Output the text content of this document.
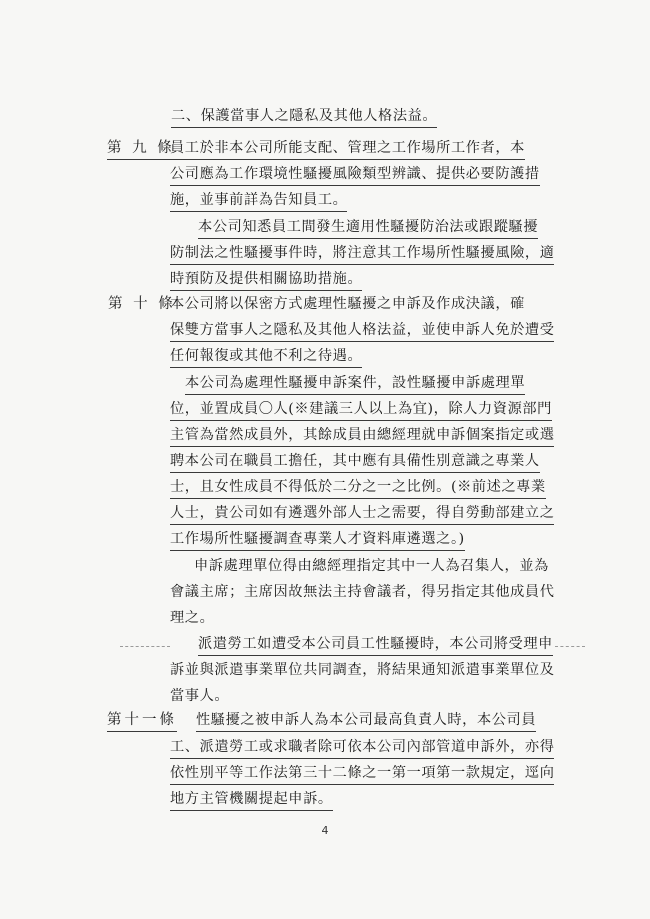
二、保護當事人之隱私及其他人格法益。
第 九 條
員工於非本公司所能支配、管理之工作場所工作者，本
公司應為工作環境性騷擾風險類型辨識、提供必要防護措
施，並事前詳為告知員工。
本公司知悉員工間發生適用性騷擾防治法或跟蹤騷擾
防制法之性騷擾事件時，將注意其工作場所性騷擾風險，適
時預防及提供相關協助措施。
第 十 條
本公司將以保密方式處理性騷擾之申訴及作成決議，確
保雙方當事人之隱私及其他人格法益，並使申訴人免於遭受
任何報復或其他不利之待遇。
本公司為處理性騷擾申訴案件，設性騷擾申訴處理單
位，並置成員〇人(※建議三人以上為宜)，除人力資源部門
主管為當然成員外，其餘成員由總經理就申訴個案指定或選
聘本公司在職員工擔任，其中應有具備性別意識之專業人
士，且女性成員不得低於二分之一之比例。(※前述之專業
人士，貴公司如有遴選外部人士之需要，得自勞動部建立之
工作場所性騷擾調查專業人才資料庫遴選之。)
申訴處理單位得由總經理指定其中一人為召集人，並為
會議主席；主席因故無法主持會議者，得另指定其他成員代
理之。
派遣勞工如遭受本公司員工性騷擾時，本公司將受理申
訴並與派遣事業單位共同調查，將結果通知派遣事業單位及
當事人。
第十一條 性騷擾之被申訴人為本公司最高負責人時，本公司員
工、派遣勞工或求職者除可依本公司內部管道申訴外，亦得
依性別平等工作法第三十二條之一第一項第一款規定，逕向
地方主管機關提起申訴。
4
